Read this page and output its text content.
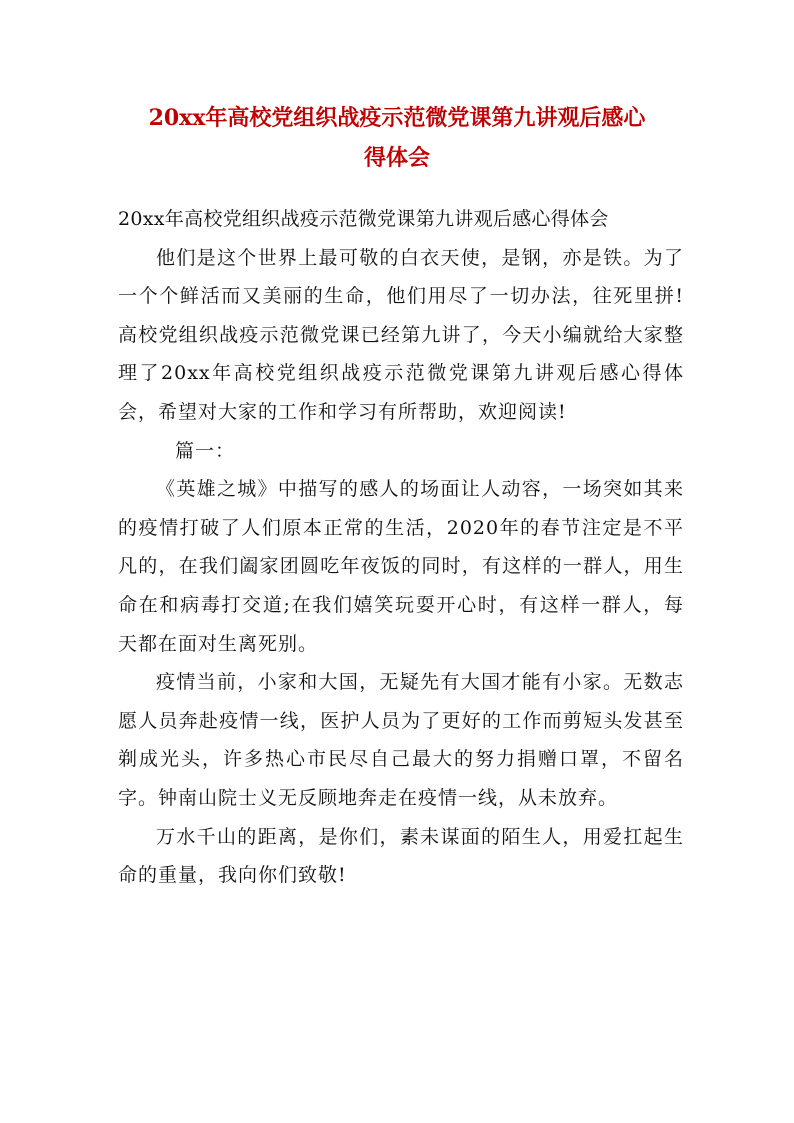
20xx年高校党组织战疫示范微党课第九讲观后感心
得体会

20xx年高校党组织战疫示范微党课第九讲观后感心得体会

他们是这个世界上最可敬的白衣天使，是钢，亦是铁。为了一个个鲜活而又美丽的生命，他们用尽了一切办法，往死里拼!高校党组织战疫示范微党课已经第九讲了，今天小编就给大家整理了20xx年高校党组织战疫示范微党课第九讲观后感心得体会，希望对大家的工作和学习有所帮助，欢迎阅读!

篇一：

《英雄之城》中描写的感人的场面让人动容，一场突如其来的疫情打破了人们原本正常的生活，2020年的春节注定是不平凡的，在我们阖家团圆吃年夜饭的同时，有这样的一群人，用生命在和病毒打交道;在我们嬉笑玩耍开心时，有这样一群人，每天都在面对生离死别。

疫情当前，小家和大国，无疑先有大国才能有小家。无数志愿人员奔赴疫情一线，医护人员为了更好的工作而剪短头发甚至剃成光头，许多热心市民尽自己最大的努力捐赠口罩，不留名字。钟南山院士义无反顾地奔走在疫情一线，从未放弃。

万水千山的距离，是你们，素未谋面的陌生人，用爱扛起生命的重量，我向你们致敬!
